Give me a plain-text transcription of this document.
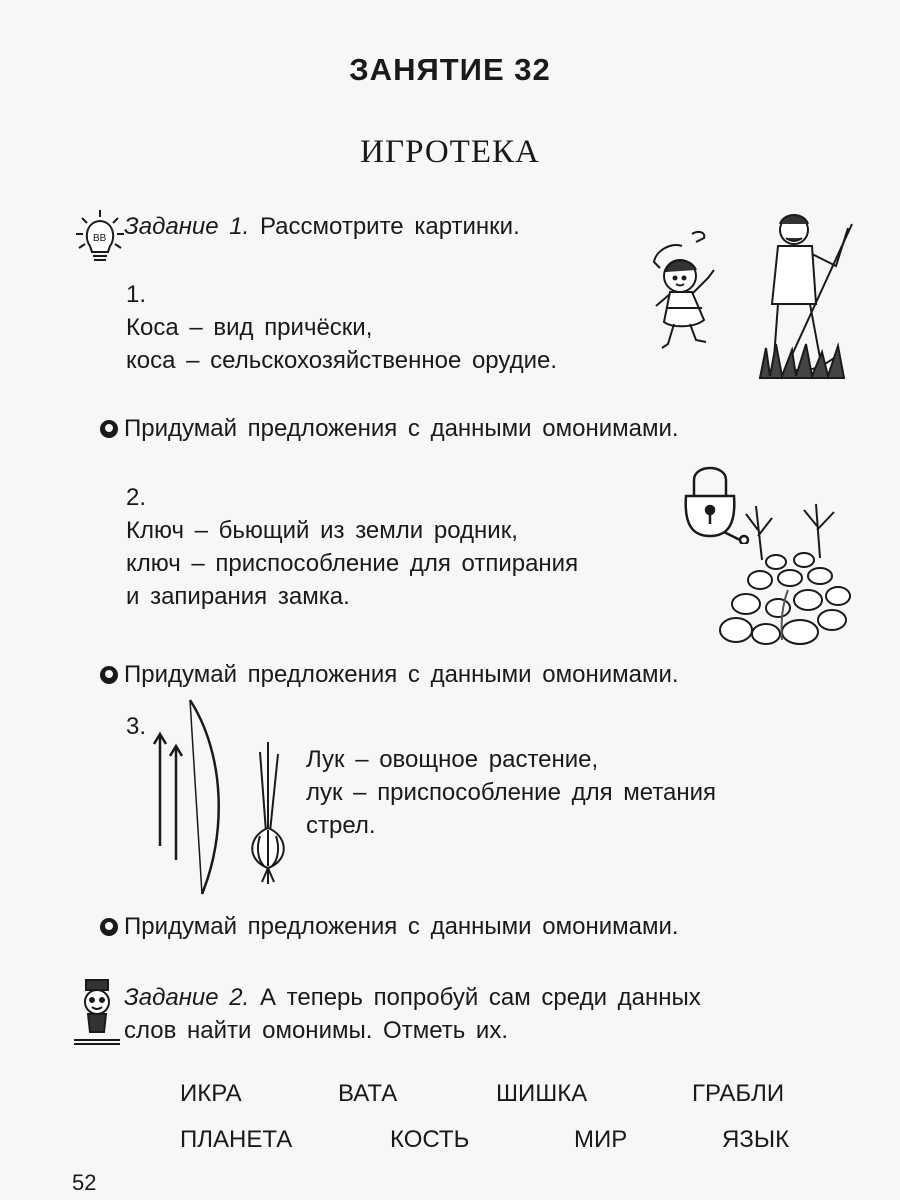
ЗАНЯТИЕ 32
ИГРОТЕКА
ВВ Задание 1. Рассмотрите картинки.
1.
Коса – вид причёски,
коса – сельскохозяйственное орудие.
Придумай предложения с данными омонимами.
2.
Ключ – бьющий из земли родник,
ключ – приспособление для отпирания
и запирания замка.
Придумай предложения с данными омонимами.
3.
Лук – овощное растение,
лук – приспособление для метания
стрел.
Придумай предложения с данными омонимами.
Задание 2. А теперь попробуй сам среди данных
слов найти омонимы. Отметь их.
ИКРА	ВАТА	ШИШКА	ГРАБЛИ
ПЛАНЕТА	КОСТЬ	МИР	ЯЗЫК
52
